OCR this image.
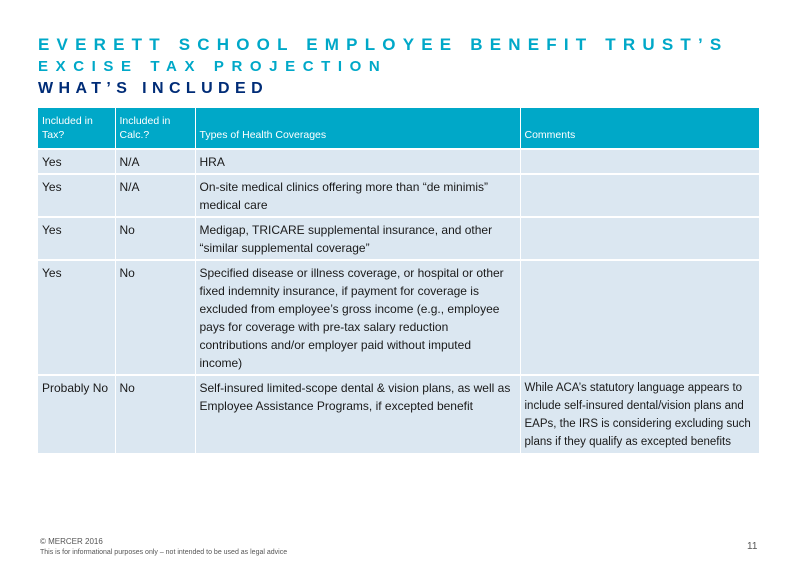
EVERETT SCHOOL EMPLOYEE BENEFIT TRUST’S
EXCISE TAX PROJECTION
WHAT’S INCLUDED
Included in Tax?	Included in Calc.?	Types of Health Coverages	Comments
Yes	N/A	HRA	
Yes	N/A	On-site medical clinics offering more than “de minimis” medical care	
Yes	No	Medigap, TRICARE supplemental insurance, and other “similar supplemental coverage”	
Yes	No	Specified disease or illness coverage, or hospital or other fixed indemnity insurance, if payment for coverage is excluded from employee’s gross income (e.g., employee pays for coverage with pre-tax salary reduction contributions and/or employer paid without imputed income)	
Probably No	No	Self-insured limited-scope dental & vision plans, as well as Employee Assistance Programs, if excepted benefit	While ACA’s statutory language appears to include self-insured dental/vision plans and EAPs, the IRS is considering excluding such plans if they qualify as excepted benefits
© MERCER 2016
This is for informational purposes only – not intended to be used as legal advice
11
